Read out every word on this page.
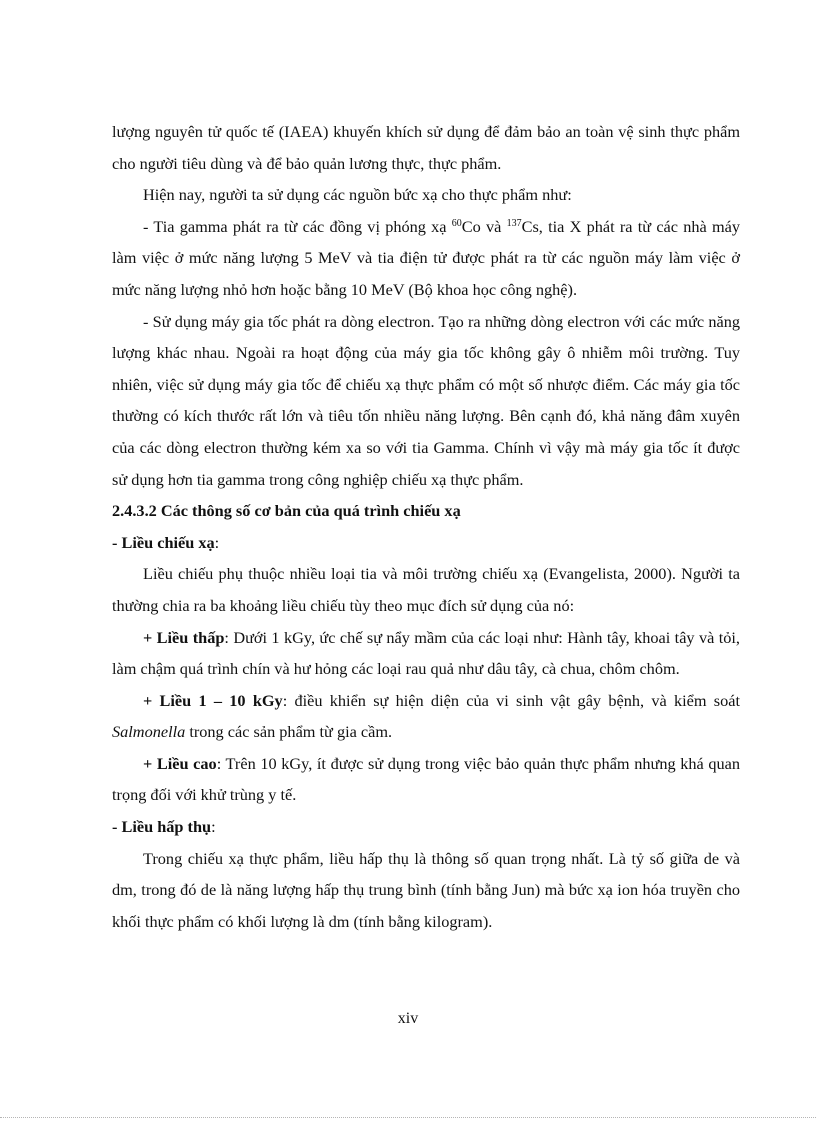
lượng nguyên tử quốc tế (IAEA) khuyến khích sử dụng để đảm bảo an toàn vệ sinh thực phẩm cho người tiêu dùng và để bảo quản lương thực, thực phẩm.

Hiện nay, người ta sử dụng các nguồn bức xạ cho thực phẩm như:

- Tia gamma phát ra từ các đồng vị phóng xạ $^{60}$Co và $^{137}$Cs, tia X phát ra từ các nhà máy làm việc ở mức năng lượng 5 MeV và tia điện tử được phát ra từ các nguồn máy làm việc ở mức năng lượng nhỏ hơn hoặc bằng 10 MeV (Bộ khoa học công nghệ).

- Sử dụng máy gia tốc phát ra dòng electron. Tạo ra những dòng electron với các mức năng lượng khác nhau. Ngoài ra hoạt động của máy gia tốc không gây ô nhiễm môi trường. Tuy nhiên, việc sử dụng máy gia tốc để chiếu xạ thực phẩm có một số nhược điểm. Các máy gia tốc thường có kích thước rất lớn và tiêu tốn nhiều năng lượng. Bên cạnh đó, khả năng đâm xuyên của các dòng electron thường kém xa so với tia Gamma. Chính vì vậy mà máy gia tốc ít được sử dụng hơn tia gamma trong công nghiệp chiếu xạ thực phẩm.

2.4.3.2 Các thông số cơ bản của quá trình chiếu xạ

- Liều chiếu xạ:

Liều chiếu phụ thuộc nhiều loại tia và môi trường chiếu xạ (Evangelista, 2000). Người ta thường chia ra ba khoảng liều chiếu tùy theo mục đích sử dụng của nó:

+ Liều thấp: Dưới 1 kGy, ức chế sự nẩy mầm của các loại như: Hành tây, khoai tây và tỏi, làm chậm quá trình chín và hư hỏng các loại rau quả như dâu tây, cà chua, chôm chôm.

+ Liều 1 – 10 kGy: điều khiển sự hiện diện của vi sinh vật gây bệnh, và kiểm soát Salmonella trong các sản phẩm từ gia cầm.

+ Liều cao: Trên 10 kGy, ít được sử dụng trong việc bảo quản thực phẩm nhưng khá quan trọng đối với khử trùng y tế.

- Liều hấp thụ:

Trong chiếu xạ thực phẩm, liều hấp thụ là thông số quan trọng nhất. Là tỷ số giữa de và dm, trong đó de là năng lượng hấp thụ trung bình (tính bằng Jun) mà bức xạ ion hóa truyền cho khối thực phẩm có khối lượng là dm (tính bằng kilogram).

xiv
